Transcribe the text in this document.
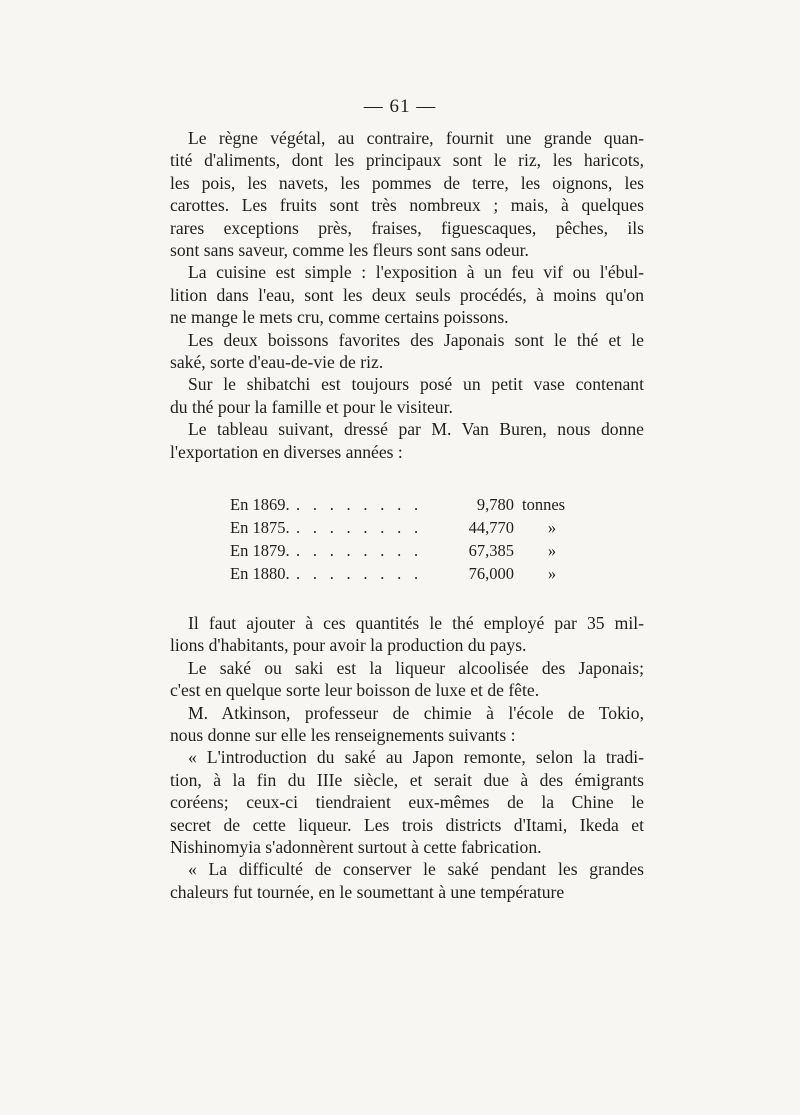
— 61 —

Le règne végétal, au contraire, fournit une grande quan-
tité d'aliments, dont les principaux sont le riz, les haricots,
les pois, les navets, les pommes de terre, les oignons, les
carottes. Les fruits sont très nombreux ; mais, à quelques
rares exceptions près, fraises, figuescaques, pêches, ils
sont sans saveur, comme les fleurs sont sans odeur.

La cuisine est simple : l'exposition à un feu vif ou l'ébul-
lition dans l'eau, sont les deux seuls procédés, à moins qu'on
ne mange le mets cru, comme certains poissons.

Les deux boissons favorites des Japonais sont le thé et le
saké, sorte d'eau-de-vie de riz.

Sur le shibatchi est toujours posé un petit vase contenant
du thé pour la famille et pour le visiteur.

Le tableau suivant, dressé par M. Van Buren, nous donne
l'exportation en diverses années :

En 1869.	. . . . . . . .	9,780	tonnes
En 1875.	. . . . . . . .	44,770	»
En 1879.	. . . . . . . .	67,385	»
En 1880.	. . . . . . . .	76,000	»

Il faut ajouter à ces quantités le thé employé par 35 mil-
lions d'habitants, pour avoir la production du pays.

Le saké ou saki est la liqueur alcoolisée des Japonais;
c'est en quelque sorte leur boisson de luxe et de fête.

M. Atkinson, professeur de chimie à l'école de Tokio,
nous donne sur elle les renseignements suivants :

« L'introduction du saké au Japon remonte, selon la tradi-
tion, à la fin du IIIe siècle, et serait due à des émigrants
coréens; ceux-ci tiendraient eux-mêmes de la Chine le
secret de cette liqueur. Les trois districts d'Itami, Ikeda et
Nishinomyia s'adonnèrent surtout à cette fabrication.

« La difficulté de conserver le saké pendant les grandes
chaleurs fut tournée, en le soumettant à une température
